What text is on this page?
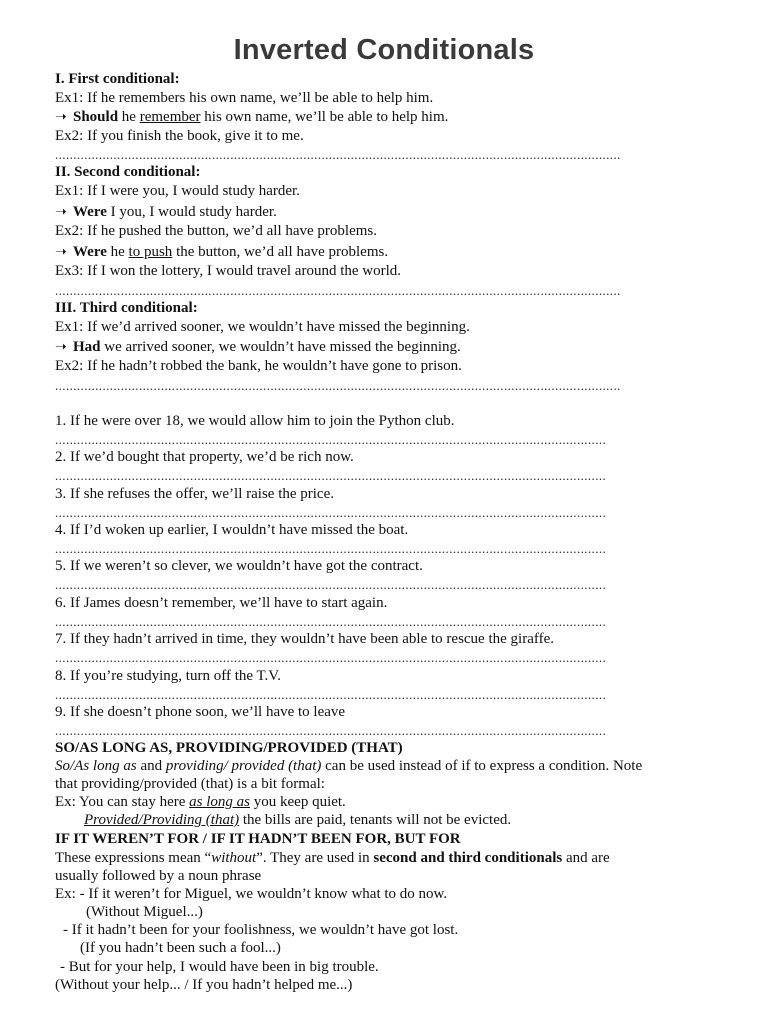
Inverted Conditionals
I. First conditional:
Ex1: If he remembers his own name, we’ll be able to help him.
➝ Should he remember his own name, we’ll be able to help him.
Ex2: If you finish the book, give it to me.
...........................................................................................................................................................
II. Second conditional:
Ex1: If I were you, I would study harder.
➝ Were I you, I would study harder.
Ex2: If he pushed the button, we’d all have problems.
➝ Were he to push the button, we’d all have problems.
Ex3: If I won the lottery, I would travel around the world.
...........................................................................................................................................................
III. Third conditional:
Ex1: If we’d arrived sooner, we wouldn’t have missed the beginning.
➝ Had we arrived sooner, we wouldn’t have missed the beginning.
Ex2: If he hadn’t robbed the bank, he wouldn’t have gone to prison.
...........................................................................................................................................................
1. If he were over 18, we would allow him to join the Python club.
.......................................................................................................................................................
2. If we’d bought that property, we’d be rich now.
.......................................................................................................................................................
3. If she refuses the offer, we’ll raise the price.
.......................................................................................................................................................
4. If I’d woken up earlier, I wouldn’t have missed the boat.
.......................................................................................................................................................
5. If we weren’t so clever, we wouldn’t have got the contract.
.......................................................................................................................................................
6. If James doesn’t remember, we’ll have to start again.
.......................................................................................................................................................
7. If they hadn’t arrived in time, they wouldn’t have been able to rescue the giraffe.
.......................................................................................................................................................
8. If you’re studying, turn off the T.V.
.......................................................................................................................................................
9. If she doesn’t phone soon, we’ll have to leave
.......................................................................................................................................................
SO/AS LONG AS, PROVIDING/PROVIDED (THAT)
So/As long as and providing/ provided (that) can be used instead of if to express a condition. Note
that providing/provided (that) is a bit formal:
Ex: You can stay here as long as you keep quiet.
Provided/Providing (that) the bills are paid, tenants will not be evicted.
IF IT WEREN’T FOR / IF IT HADN’T BEEN FOR, BUT FOR
These expressions mean “without”. They are used in second and third conditionals and are
usually followed by a noun phrase
Ex: - If it weren’t for Miguel, we wouldn’t know what to do now.
(Without Miguel...)
- If it hadn’t been for your foolishness, we wouldn’t have got lost.
(If you hadn’t been such a fool...)
- But for your help, I would have been in big trouble.
(Without your help... / If you hadn’t helped me...)
